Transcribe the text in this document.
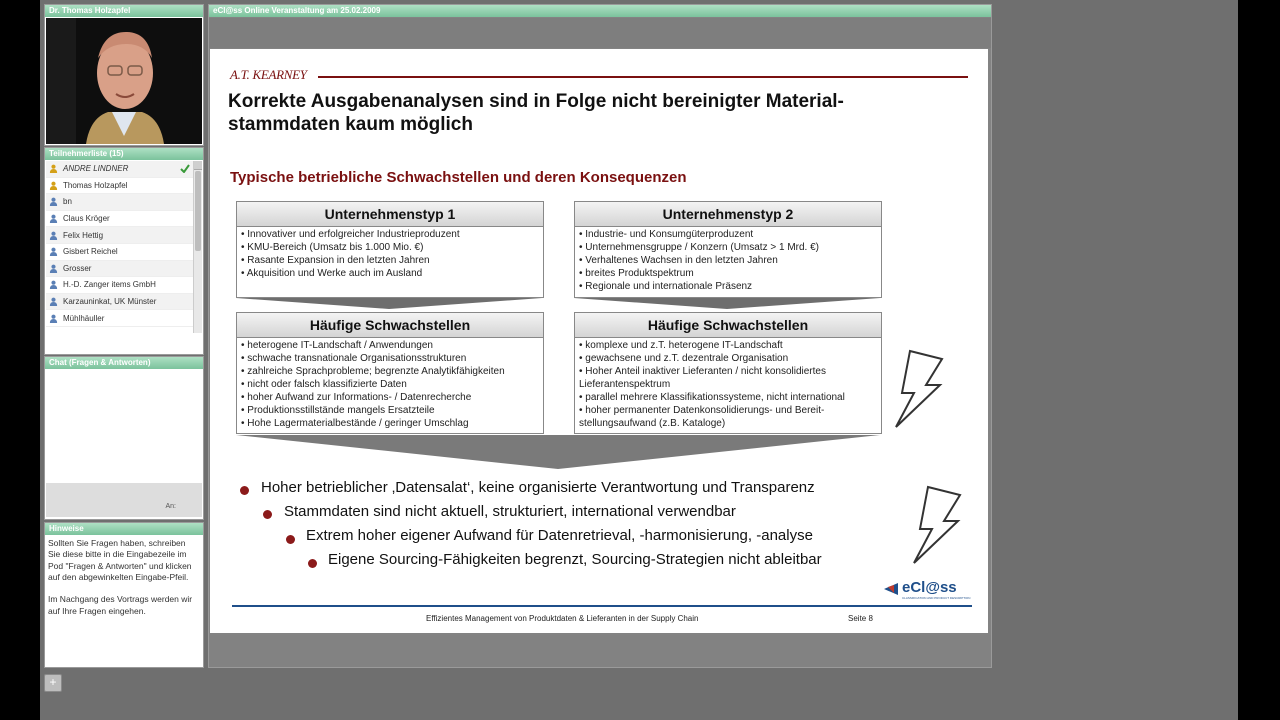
Dr. Thomas Holzapfel
Teilnehmerliste (15)
ANDRE LINDNER
Thomas Holzapfel
bn
Claus Kröger
Felix Hettig
Gisbert Reichel
Grosser
H.-D. Zanger items GmbH
Karzauninkat, UK Münster
Mühlhäuller
Chat (Fragen & Antworten)
An:
Hinweise
Sollten Sie Fragen haben, schreiben Sie diese bitte in die Eingabezeile im Pod "Fragen & Antworten" und klicken auf den abgewinkelten Eingabe-Pfeil.

Im Nachgang des Vortrags werden wir auf Ihre Fragen eingehen.
+
eCl@ss Online Veranstaltung am 25.02.2009
A.T. KEARNEY
Korrekte Ausgabenanalysen sind in Folge nicht bereinigter Material-
stammdaten kaum möglich
Typische betriebliche Schwachstellen und deren Konsequenzen
Unternehmenstyp 1
• Innovativer und erfolgreicher Industrieproduzent
• KMU-Bereich (Umsatz bis 1.000 Mio. €)
• Rasante Expansion in den letzten Jahren
• Akquisition und Werke auch im Ausland
Unternehmenstyp 2
• Industrie- und Konsumgüterproduzent
• Unternehmensgruppe / Konzern (Umsatz > 1 Mrd. €)
• Verhaltenes Wachsen in den letzten Jahren
• breites Produktspektrum
• Regionale und internationale Präsenz
Häufige Schwachstellen
• heterogene IT-Landschaft / Anwendungen
• schwache transnationale Organisationsstrukturen
• zahlreiche Sprachprobleme; begrenzte Analytikfähigkeiten
• nicht oder falsch klassifizierte Daten
• hoher Aufwand zur Informations- / Datenrecherche
• Produktionsstillstände mangels Ersatzteile
• Hohe Lagermaterialbestände / geringer Umschlag
Häufige Schwachstellen
• komplexe und z.T. heterogene IT-Landschaft
• gewachsene und z.T. dezentrale Organisation
• Hoher Anteil inaktiver Lieferanten / nicht konsolidiertes
Lieferantenspektrum
• parallel mehrere Klassifikationssysteme, nicht international
• hoher permanenter Datenkonsolidierungs- und Bereit-
stellungsaufwand (z.B. Kataloge)
Hoher betrieblicher ‚Datensalat‘, keine organisierte Verantwortung und Transparenz
Stammdaten sind nicht aktuell, strukturiert, international verwendbar
Extrem hoher eigener Aufwand für Datenretrieval, -harmonisierung, -analyse
Eigene Sourcing-Fähigkeiten begrenzt, Sourcing-Strategien nicht ableitbar
eCl@ss
CLASSIFICATION AND PRODUCT DESCRIPTION
Effizientes Management von Produktdaten & Lieferanten in der Supply Chain	Seite 8
